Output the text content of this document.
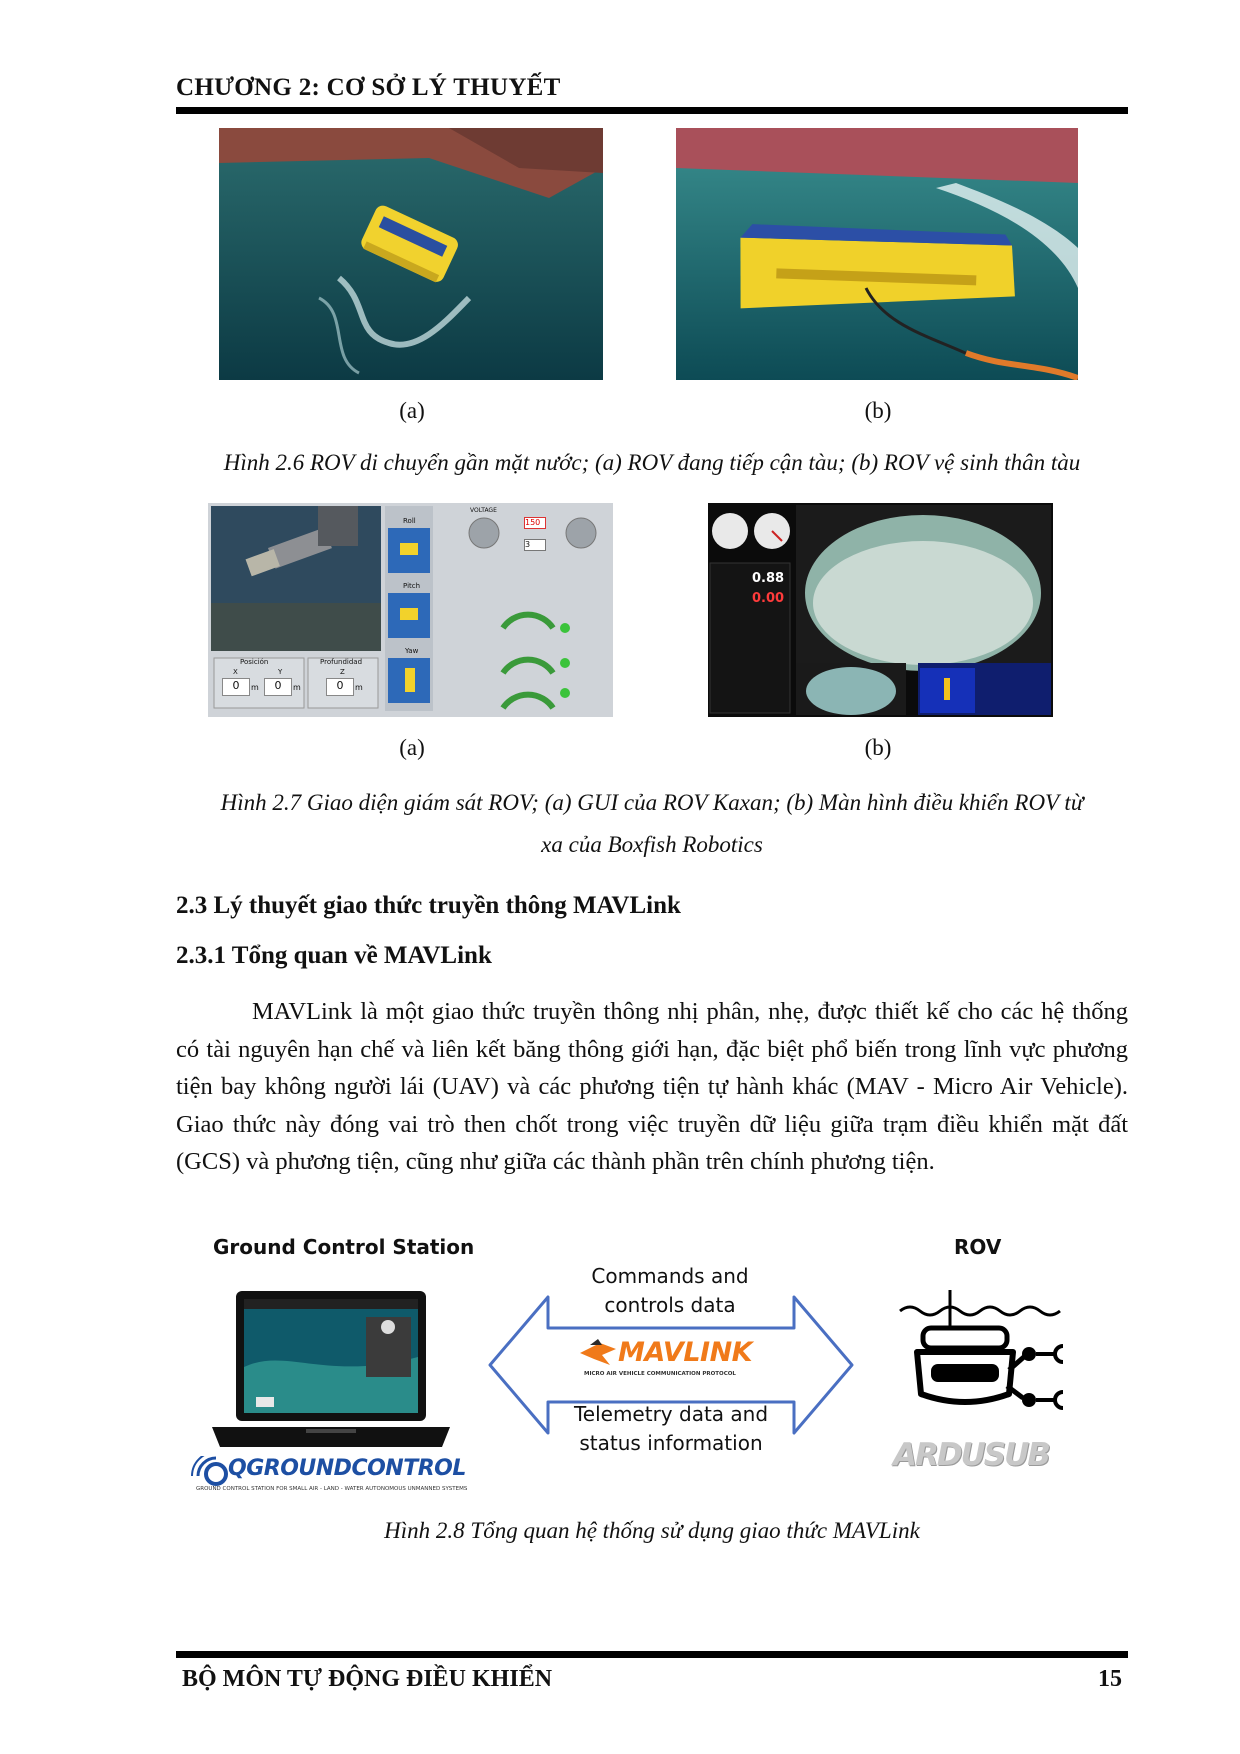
CHƯƠNG 2: CƠ SỞ LÝ THUYẾT
(a)	(b)
Hình 2.6 ROV di chuyển gần mặt nước; (a) ROV đang tiếp cận tàu; (b) ROV vệ sinh thân tàu
Roll
Pitch
Yaw
VOLTAGE
150
3
Posición	Profundidad
X	Y	Z
0	m	0	m	0	m
0.88
0.00
(a)	(b)
Hình 2.7 Giao diện giám sát ROV; (a) GUI của ROV Kaxan; (b) Màn hình điều khiển ROV từ
xa của Boxfish Robotics
2.3 Lý thuyết giao thức truyền thông MAVLink
2.3.1 Tổng quan về MAVLink
MAVLink là một giao thức truyền thông nhị phân, nhẹ, được thiết kế cho các hệ thống có tài nguyên hạn chế và liên kết băng thông giới hạn, đặc biệt phổ biến trong lĩnh vực phương tiện bay không người lái (UAV) và các phương tiện tự hành khác (MAV - Micro Air Vehicle). Giao thức này đóng vai trò then chốt trong việc truyền dữ liệu giữa trạm điều khiển mặt đất (GCS) và phương tiện, cũng như giữa các thành phần trên chính phương tiện.
Ground Control Station	ROV
QGROUNDCONTROL
GROUND CONTROL STATION FOR SMALL AIR - LAND - WATER AUTONOMOUS UNMANNED SYSTEMS
Commands and
controls data
MAVLINK
MICRO AIR VEHICLE COMMUNICATION PROTOCOL
Telemetry data and
status information	ARDUSUB
Hình 2.8 Tổng quan hệ thống sử dụng giao thức MAVLink
BỘ MÔN TỰ ĐỘNG ĐIỀU KHIỂN	15
